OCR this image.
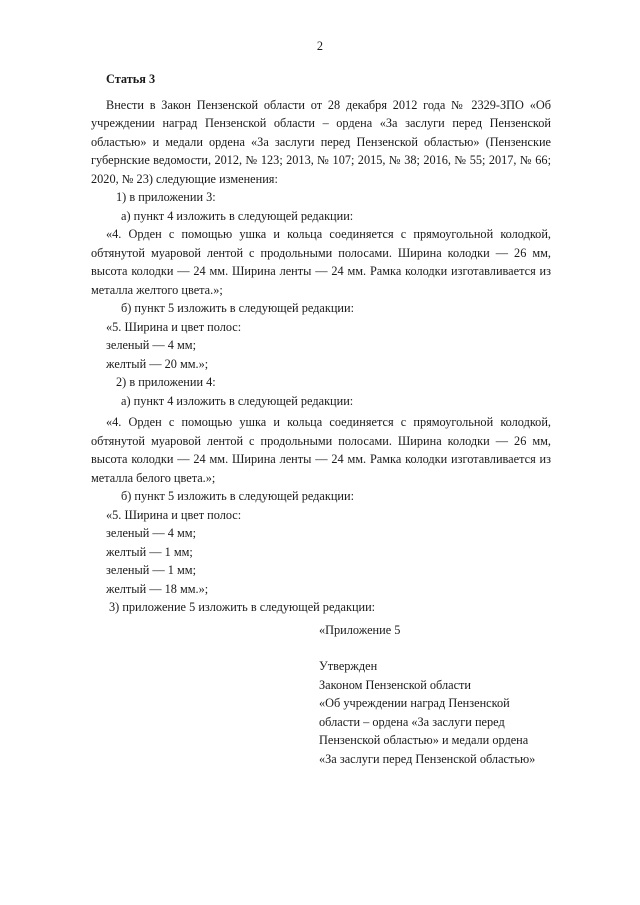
2
Статья 3

Внести в Закон Пензенской области от 28 декабря 2012 года № 2329-ЗПО «Об учреждении наград Пензенской области – ордена «За заслуги перед Пензенской областью» и медали ордена «За заслуги перед Пензенской областью» (Пензенские губернские ведомости, 2012, № 123; 2013, № 107; 2015, № 38; 2016, № 55; 2017, № 66; 2020, № 23) следующие изменения:

1) в приложении 3:

а) пункт 4 изложить в следующей редакции:

«4. Орден с помощью ушка и кольца соединяется с прямоугольной колодкой, обтянутой муаровой лентой с продольными полосами. Ширина колодки — 26 мм, высота колодки — 24 мм. Ширина ленты — 24 мм. Рамка колодки изготавливается из металла желтого цвета.»;

б) пункт 5 изложить в следующей редакции:

«5. Ширина и цвет полос:

зеленый — 4 мм;

желтый — 20 мм.»;

2) в приложении 4:

а) пункт 4 изложить в следующей редакции:

«4. Орден с помощью ушка и кольца соединяется с прямоугольной колодкой, обтянутой муаровой лентой с продольными полосами. Ширина колодки — 26 мм, высота колодки — 24 мм. Ширина ленты — 24 мм. Рамка колодки изготавливается из металла белого цвета.»;

б) пункт 5 изложить в следующей редакции:

«5. Ширина и цвет полос:

зеленый — 4 мм;

желтый — 1 мм;

зеленый — 1 мм;

желтый — 18 мм.»;

3) приложение 5 изложить в следующей редакции:

«Приложение 5

Утвержден

Законом Пензенской области

«Об учреждении наград Пензенской

области – ордена «За заслуги перед

Пензенской областью» и медали ордена

«За заслуги перед Пензенской областью»
